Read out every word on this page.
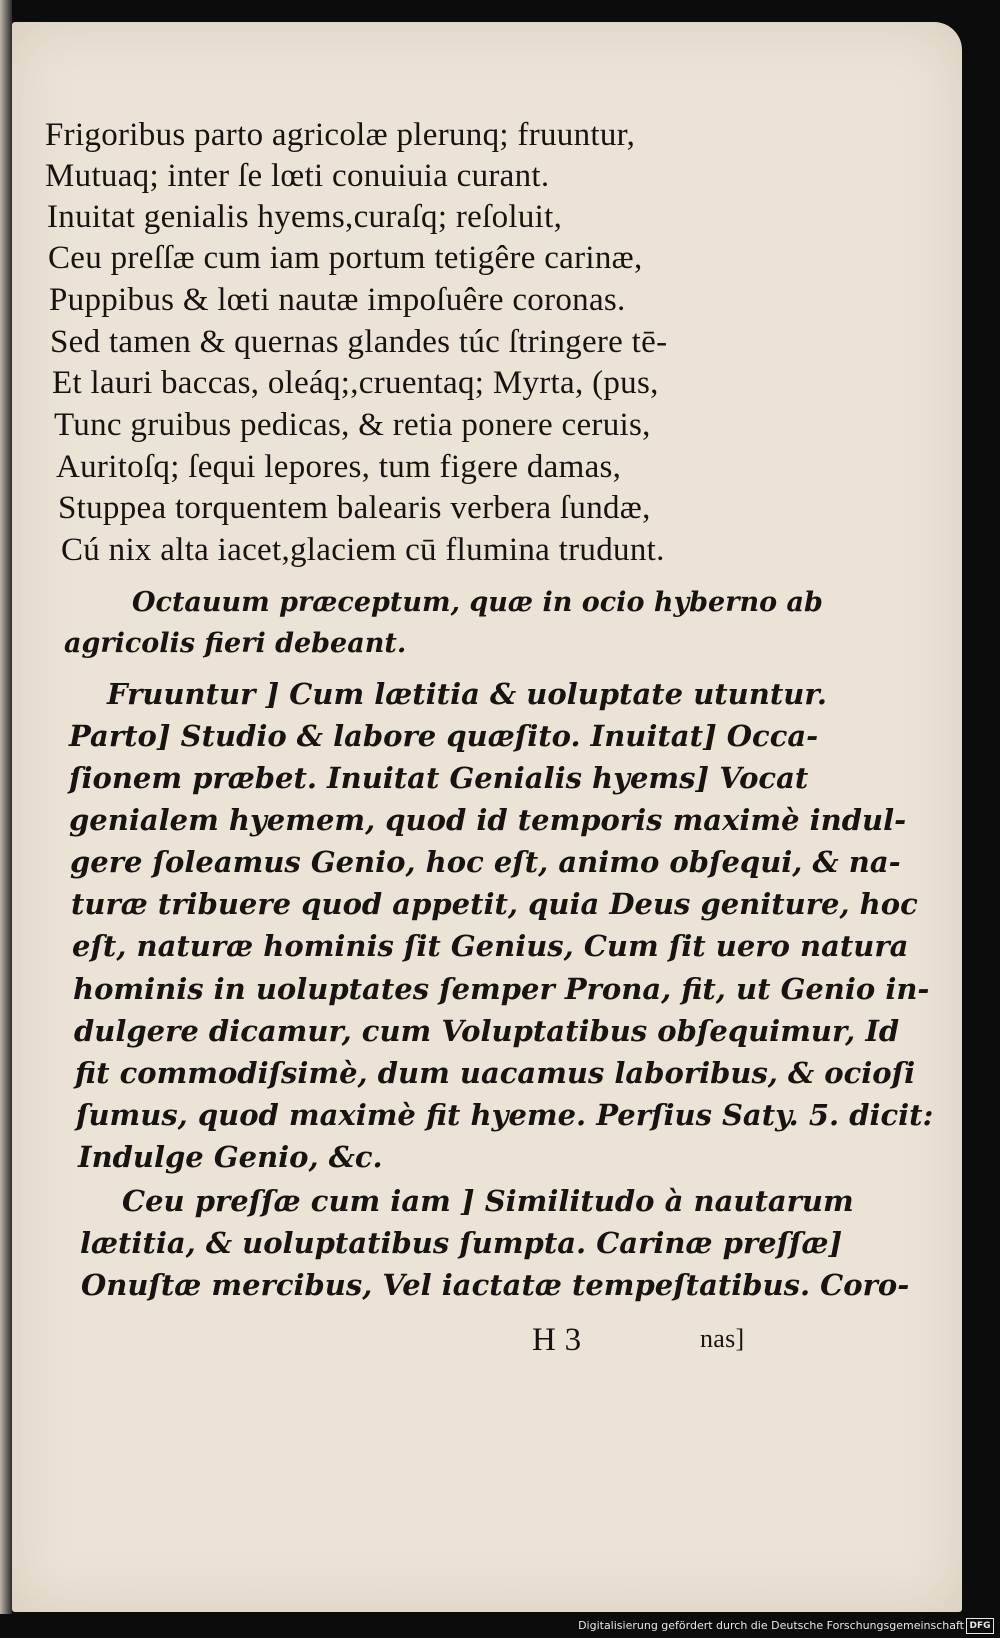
Frigoribus parto agricolæ plerunq; fruuntur,
Mutuaq; inter ſe lœti conuiuia curant.
Inuitat genialis hyems,curaſq; reſoluit,
Ceu preſſæ cum iam portum tetigêre carinæ,
Puppibus & lœti nautæ impoſuêre coronas.
Sed tamen & quernas glandes túc ſtringere tē-
Et lauri baccas, oleáq;,cruentaq; Myrta, (pus,
Tunc gruibus pedicas, & retia ponere ceruis,
Auritoſq; ſequi lepores, tum figere damas,
Stuppea torquentem balearis verbera ſundæ,
Cú nix alta iacet,glaciem cū flumina trudunt.
Octauum præceptum, quæ in ocio hyberno ab
agricolis fieri debeant.
Fruuntur ] Cum lætitia & uoluptate utuntur.
Parto] Studio & labore quæſito. Inuitat] Occa-
ſionem præbet. Inuitat Genialis hyems] Vocat
genialem hyemem, quod id temporis maximè indul-
gere ſoleamus Genio, hoc eſt, animo obſequi, & na-
turæ tribuere quod appetit, quia Deus geniture, hoc
eſt, naturæ hominis ſit Genius, Cum ſit uero natura
hominis in uoluptates ſemper Prona, fit, ut Genio in-
dulgere dicamur, cum Voluptatibus obſequimur, Id
fit commodiſsimè, dum uacamus laboribus, & ocioſi
ſumus, quod maximè fit hyeme. Perſius Saty. 5. dicit:
Indulge Genio, &c.
Ceu preſſæ cum iam ] Similitudo à nautarum
lætitia, & uoluptatibus ſumpta. Carinæ preſſæ]
Onuſtæ mercibus, Vel iactatæ tempeſtatibus. Coro-
H 3	nas]
Digitalisierung gefördert durch die Deutsche Forschungsgemeinschaft DFG
